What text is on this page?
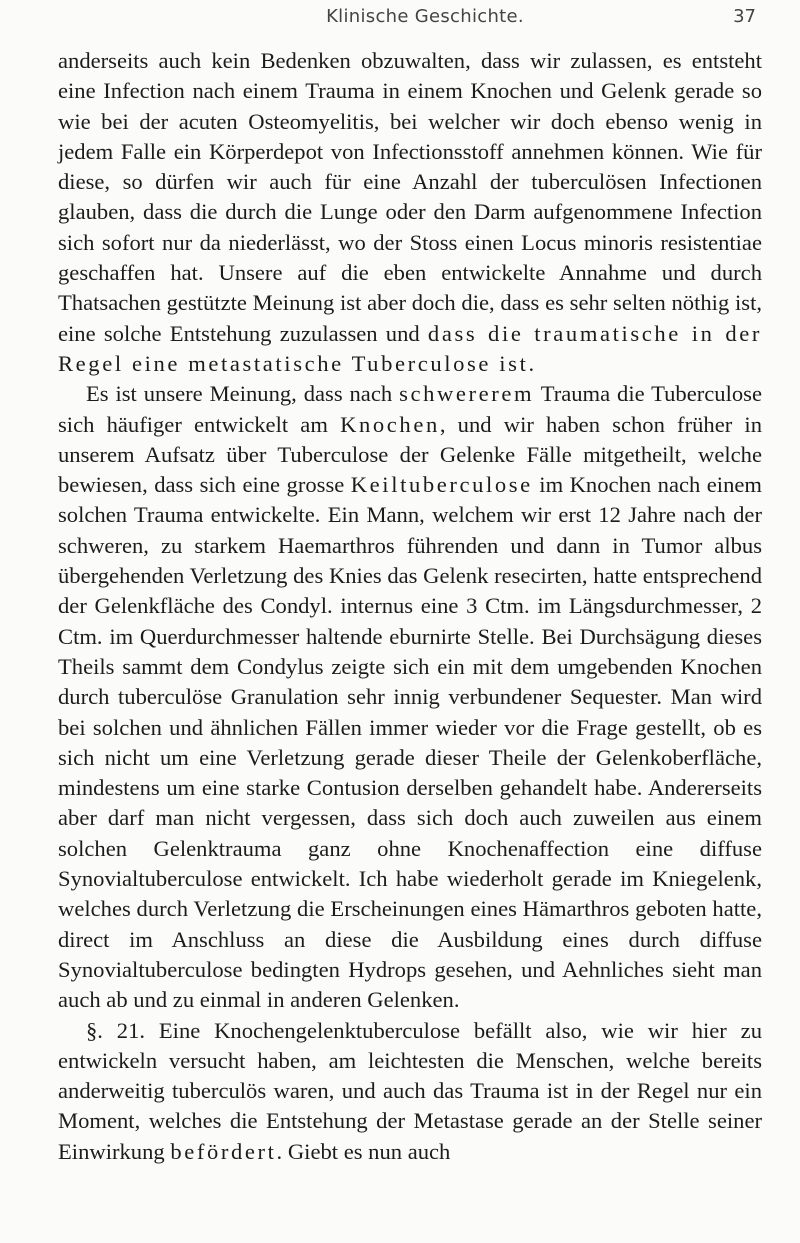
Klinische Geschichte.	37

anderseits auch kein Bedenken obzuwalten, dass wir zulassen, es entsteht eine Infection nach einem Trauma in einem Knochen und Gelenk gerade so wie bei der acuten Osteomyelitis, bei welcher wir doch ebenso wenig in jedem Falle ein Körperdepot von Infectionsstoff annehmen können. Wie für diese, so dürfen wir auch für eine Anzahl der tuberculösen Infectionen glauben, dass die durch die Lunge oder den Darm aufgenommene Infection sich sofort nur da niederlässt, wo der Stoss einen Locus minoris resistentiae geschaffen hat. Unsere auf die eben entwickelte Annahme und durch Thatsachen gestützte Meinung ist aber doch die, dass es sehr selten nöthig ist, eine solche Entstehung zuzulassen und dass die traumatische in der Regel eine metastatische Tuberculose ist.

Es ist unsere Meinung, dass nach schwererem Trauma die Tuberculose sich häufiger entwickelt am Knochen, und wir haben schon früher in unserem Aufsatz über Tuberculose der Gelenke Fälle mitgetheilt, welche bewiesen, dass sich eine grosse Keiltuberculose im Knochen nach einem solchen Trauma entwickelte. Ein Mann, welchem wir erst 12 Jahre nach der schweren, zu starkem Haemarthros führenden und dann in Tumor albus übergehenden Verletzung des Knies das Gelenk resecirten, hatte entsprechend der Gelenkfläche des Condyl. internus eine 3 Ctm. im Längsdurchmesser, 2 Ctm. im Querdurchmesser haltende eburnirte Stelle. Bei Durchsägung dieses Theils sammt dem Condylus zeigte sich ein mit dem umgebenden Knochen durch tuberculöse Granulation sehr innig verbundener Sequester. Man wird bei solchen und ähnlichen Fällen immer wieder vor die Frage gestellt, ob es sich nicht um eine Verletzung gerade dieser Theile der Gelenkoberfläche, mindestens um eine starke Contusion derselben gehandelt habe. Andererseits aber darf man nicht vergessen, dass sich doch auch zuweilen aus einem solchen Gelenktrauma ganz ohne Knochenaffection eine diffuse Synovialtuberculose entwickelt. Ich habe wiederholt gerade im Kniegelenk, welches durch Verletzung die Erscheinungen eines Hämarthros geboten hatte, direct im Anschluss an diese die Ausbildung eines durch diffuse Synovialtuberculose bedingten Hydrops gesehen, und Aehnliches sieht man auch ab und zu einmal in anderen Gelenken.

§. 21. Eine Knochengelenktuberculose befällt also, wie wir hier zu entwickeln versucht haben, am leichtesten die Menschen, welche bereits anderweitig tuberculös waren, und auch das Trauma ist in der Regel nur ein Moment, welches die Entstehung der Metastase gerade an der Stelle seiner Einwirkung befördert. Giebt es nun auch
